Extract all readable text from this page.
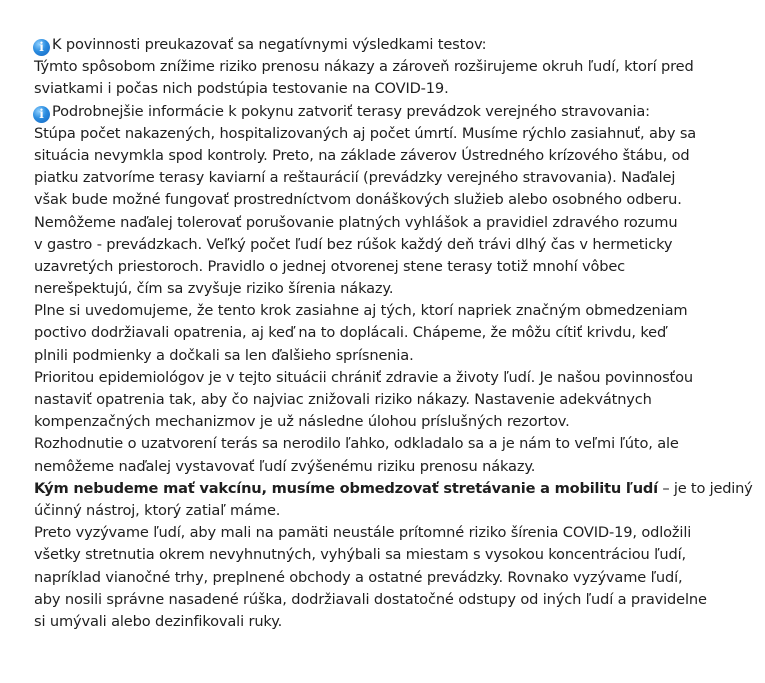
i K povinnosti preukazovať sa negatívnymi výsledkami testov:
Týmto spôsobom znížime riziko prenosu nákazy a zároveň rozširujeme okruh ľudí, ktorí pred
sviatkami i počas nich podstúpia testovanie na COVID-19.
i Podrobnejšie informácie k pokynu zatvoriť terasy prevádzok verejného stravovania:
Stúpa počet nakazených, hospitalizovaných aj počet úmrtí. Musíme rýchlo zasiahnuť, aby sa
situácia nevymkla spod kontroly. Preto, na základe záverov Ústredného krízového štábu, od
piatku zatvoríme terasy kaviarní a reštaurácií (prevádzky verejného stravovania). Naďalej
však bude možné fungovať prostredníctvom donáškových služieb alebo osobného odberu.
Nemôžeme naďalej tolerovať porušovanie platných vyhlášok a pravidiel zdravého rozumu
v gastro - prevádzkach. Veľký počet ľudí bez rúšok každý deň trávi dlhý čas v hermeticky
uzavretých priestoroch. Pravidlo o jednej otvorenej stene terasy totiž mnohí vôbec
nerešpektujú, čím sa zvyšuje riziko šírenia nákazy.
Plne si uvedomujeme, že tento krok zasiahne aj tých, ktorí napriek značným obmedzeniam
poctivo dodržiavali opatrenia, aj keď na to doplácali. Chápeme, že môžu cítiť krivdu, keď
plnili podmienky a dočkali sa len ďalšieho sprísnenia.
Prioritou epidemiológov je v tejto situácii chrániť zdravie a životy ľudí. Je našou povinnosťou
nastaviť opatrenia tak, aby čo najviac znižovali riziko nákazy. Nastavenie adekvátnych
kompenzačných mechanizmov je už následne úlohou príslušných rezortov.
Rozhodnutie o uzatvorení terás sa nerodilo ľahko, odkladalo sa a je nám to veľmi ľúto, ale
nemôžeme naďalej vystavovať ľudí zvýšenému riziku prenosu nákazy.
Kým nebudeme mať vakcínu, musíme obmedzovať stretávanie a mobilitu ľudí – je to jediný
účinný nástroj, ktorý zatiaľ máme.
Preto vyzývame ľudí, aby mali na pamäti neustále prítomné riziko šírenia COVID-19, odložili
všetky stretnutia okrem nevyhnutných, vyhýbali sa miestam s vysokou koncentráciou ľudí,
napríklad vianočné trhy, preplnené obchody a ostatné prevádzky. Rovnako vyzývame ľudí,
aby nosili správne nasadené rúška, dodržiavali dostatočné odstupy od iných ľudí a pravidelne
si umývali alebo dezinfikovali ruky.
